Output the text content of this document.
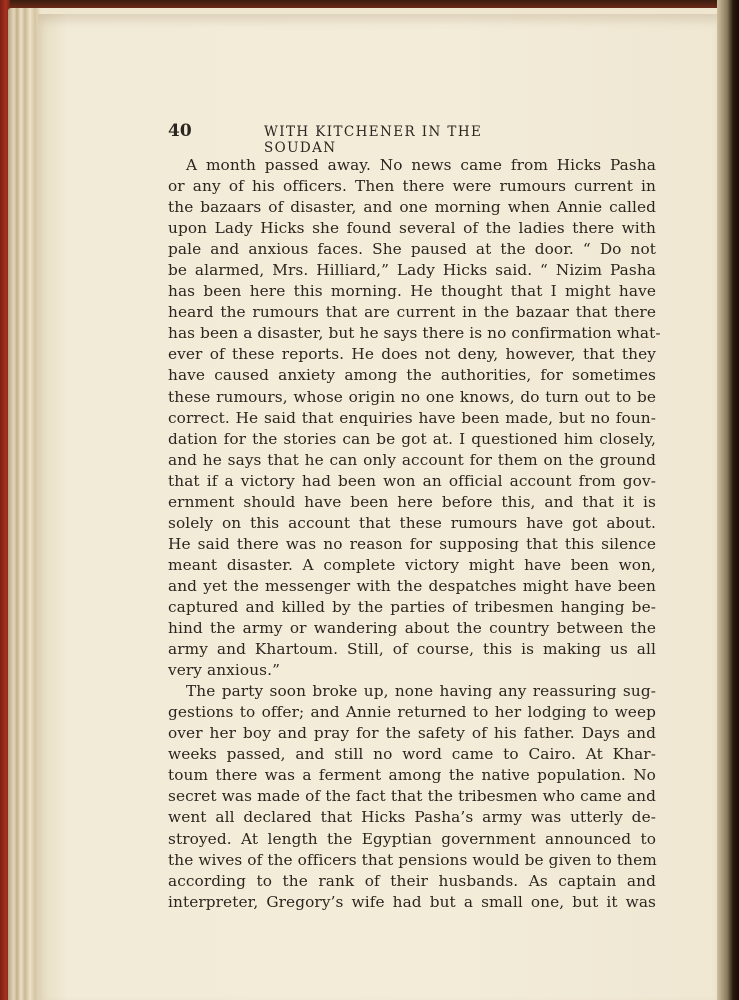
40	WITH KITCHENER IN THE SOUDAN
A month passed away. No news came from Hicks Pasha
or any of his officers. Then there were rumours current in
the bazaars of disaster, and one morning when Annie called
upon Lady Hicks she found several of the ladies there with
pale and anxious faces. She paused at the door. “ Do not
be alarmed, Mrs. Hilliard,” Lady Hicks said. “ Nizim Pasha
has been here this morning. He thought that I might have
heard the rumours that are current in the bazaar that there
has been a disaster, but he says there is no confirmation what-
ever of these reports. He does not deny, however, that they
have caused anxiety among the authorities, for sometimes
these rumours, whose origin no one knows, do turn out to be
correct. He said that enquiries have been made, but no foun-
dation for the stories can be got at. I questioned him closely,
and he says that he can only account for them on the ground
that if a victory had been won an official account from gov-
ernment should have been here before this, and that it is
solely on this account that these rumours have got about.
He said there was no reason for supposing that this silence
meant disaster. A complete victory might have been won,
and yet the messenger with the despatches might have been
captured and killed by the parties of tribesmen hanging be-
hind the army or wandering about the country between the
army and Khartoum. Still, of course, this is making us all
very anxious.”
The party soon broke up, none having any reassuring sug-
gestions to offer; and Annie returned to her lodging to weep
over her boy and pray for the safety of his father. Days and
weeks passed, and still no word came to Cairo. At Khar-
toum there was a ferment among the native population. No
secret was made of the fact that the tribesmen who came and
went all declared that Hicks Pasha’s army was utterly de-
stroyed. At length the Egyptian government announced to
the wives of the officers that pensions would be given to them
according to the rank of their husbands. As captain and
interpreter, Gregory’s wife had but a small one, but it was
